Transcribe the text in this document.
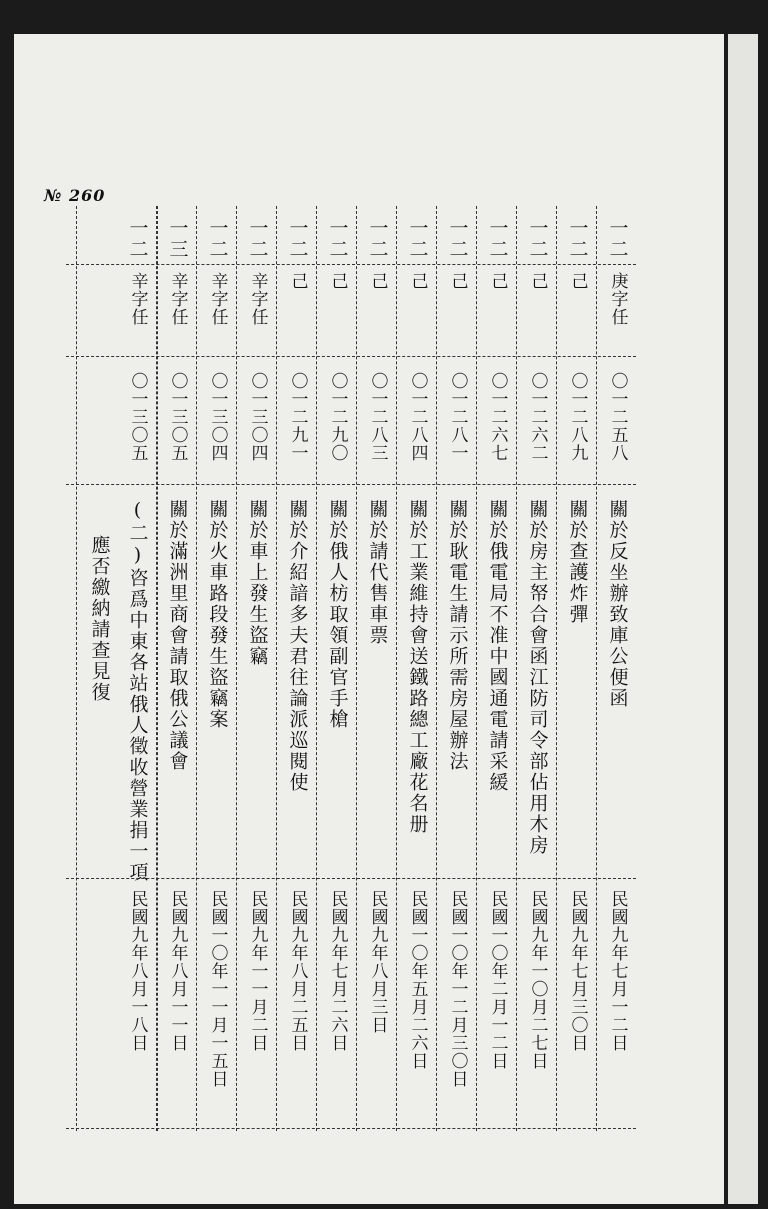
№ 260
一二
庚字任
〇一二五八
關於反坐辦致庫公便函
民國九年七月一二日
一二
己
〇一二八九
關於查護炸彈
民國九年七月三〇日
一二
己
〇一二六二
關於房主帑合會函江防司令部佔用木房
民國九年一〇月二七日
一二
己
〇一二六七
關於俄電局不准中國通電請采緩
民國一〇年二月一二日
一二
己
〇一二八一
關於耿電生請示所需房屋辦法
民國一〇年一二月三〇日
一二
己
〇一二八四
關於工業維持會送鐵路總工廠花名册
民國一〇年五月二六日
一二
己
〇一二八三
關於請代售車票
民國九年八月三日
一二
己
〇一二九〇
關於俄人枋取領副官手槍
民國九年七月二六日
一二
己
〇一二九一
關於介紹諳多夫君往論派巡閱使
民國九年八月二五日
一二
辛字任
〇一三〇四
關於車上發生盜竊
民國九年一一月二日
一二
辛字任
〇一三〇四
關於火車路段發生盜竊案
民國一〇年一一月一五日
一三
辛字任
〇一三〇五
關於滿洲里商會請取俄公議會
民國九年八月一一日
一二
辛字任
〇一三〇五
(二)咨爲中東各站俄人徵收營業捐一項
應否繳納請查見復
民國九年八月一八日
